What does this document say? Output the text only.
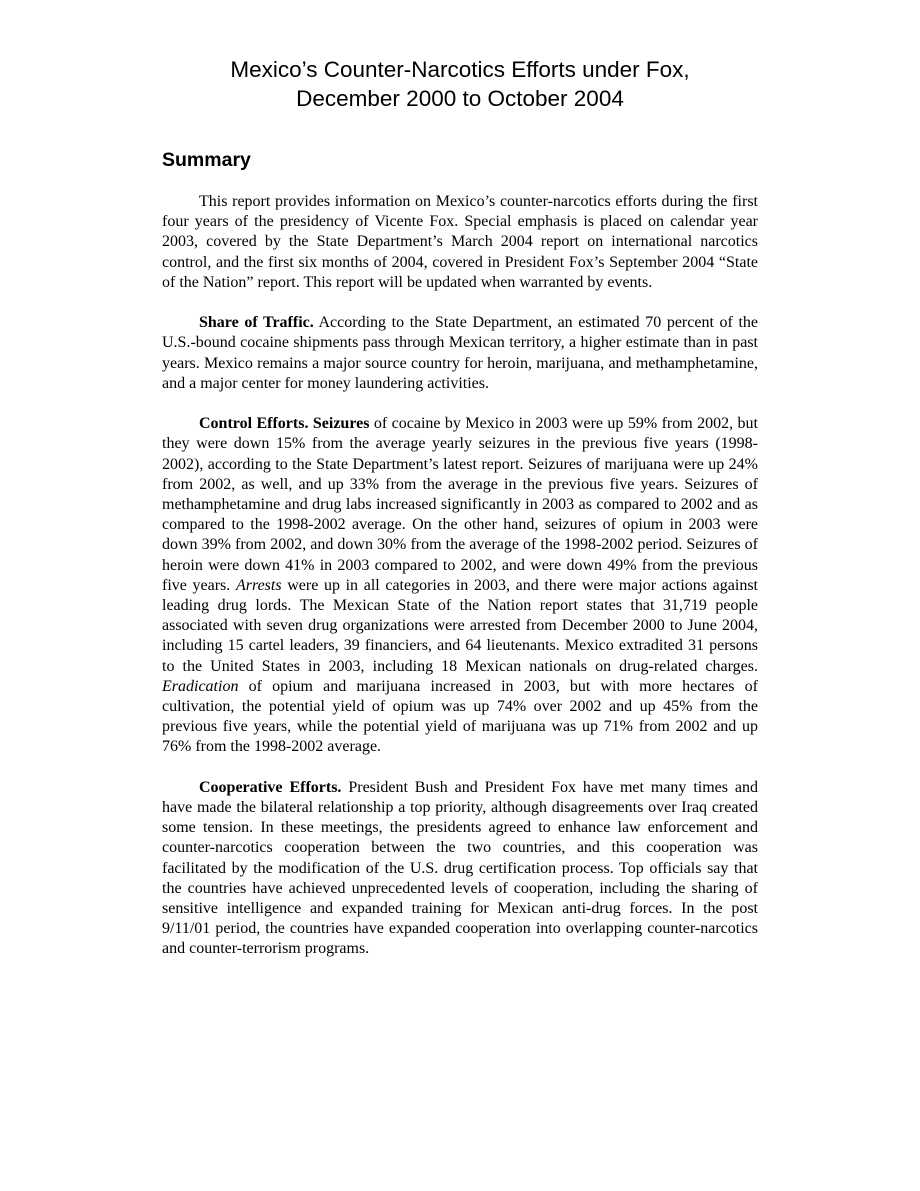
Mexico’s Counter-Narcotics Efforts under Fox,
December 2000 to October 2004
Summary

This report provides information on Mexico’s counter-narcotics efforts during the first four years of the presidency of Vicente Fox. Special emphasis is placed on calendar year 2003, covered by the State Department’s March 2004 report on international narcotics control, and the first six months of 2004, covered in President Fox’s September 2004 “State of the Nation” report. This report will be updated when warranted by events.

Share of Traffic. According to the State Department, an estimated 70 percent of the U.S.-bound cocaine shipments pass through Mexican territory, a higher estimate than in past years. Mexico remains a major source country for heroin, marijuana, and methamphetamine, and a major center for money laundering activities.

Control Efforts. Seizures of cocaine by Mexico in 2003 were up 59% from 2002, but they were down 15% from the average yearly seizures in the previous five years (1998-2002), according to the State Department’s latest report. Seizures of marijuana were up 24% from 2002, as well, and up 33% from the average in the previous five years. Seizures of methamphetamine and drug labs increased significantly in 2003 as compared to 2002 and as compared to the 1998-2002 average. On the other hand, seizures of opium in 2003 were down 39% from 2002, and down 30% from the average of the 1998-2002 period. Seizures of heroin were down 41% in 2003 compared to 2002, and were down 49% from the previous five years. Arrests were up in all categories in 2003, and there were major actions against leading drug lords. The Mexican State of the Nation report states that 31,719 people associated with seven drug organizations were arrested from December 2000 to June 2004, including 15 cartel leaders, 39 financiers, and 64 lieutenants. Mexico extradited 31 persons to the United States in 2003, including 18 Mexican nationals on drug-related charges. Eradication of opium and marijuana increased in 2003, but with more hectares of cultivation, the potential yield of opium was up 74% over 2002 and up 45% from the previous five years, while the potential yield of marijuana was up 71% from 2002 and up 76% from the 1998-2002 average.

Cooperative Efforts. President Bush and President Fox have met many times and have made the bilateral relationship a top priority, although disagreements over Iraq created some tension. In these meetings, the presidents agreed to enhance law enforcement and counter-narcotics cooperation between the two countries, and this cooperation was facilitated by the modification of the U.S. drug certification process. Top officials say that the countries have achieved unprecedented levels of cooperation, including the sharing of sensitive intelligence and expanded training for Mexican anti-drug forces. In the post 9/11/01 period, the countries have expanded cooperation into overlapping counter-narcotics and counter-terrorism programs.
